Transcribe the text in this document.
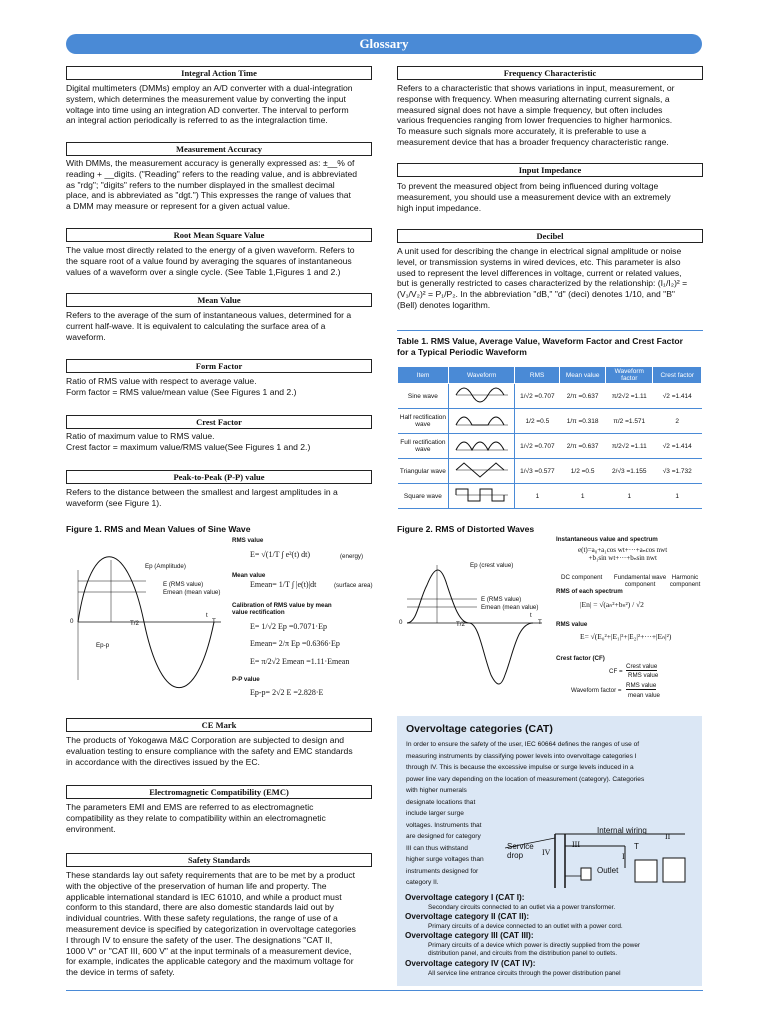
Glossary
Integral Action Time
Digital multimeters (DMMs) employ an A/D converter with a dual-integration
system, which determines the measurement value by converting the input
voltage into time using an integration AD converter. The interval to perform
an integral action periodically is referred to as the integralaction time.
Measurement Accuracy
With DMMs, the measurement accuracy is generally expressed as: ±__% of
reading + __digits. ("Reading" refers to the reading value, and is abbreviated
as "rdg"; "digits" refers to the number displayed in the smallest decimal
place, and is abbreviated as "dgt.") This expresses the range of values that
a DMM may measure or represent for a given actual value.
Root Mean Square Value
The value most directly related to the energy of a given waveform. Refers to
the square root of a value found by averaging the squares of instantaneous
values of a waveform over a single cycle. (See Table 1,Figures 1 and 2.)
Mean Value
Refers to the average of the sum of instantaneous values, determined for a
current half-wave. It is equivalent to calculating the surface area of a
waveform.
Form Factor
Ratio of RMS value with respect to average value.
Form factor = RMS value/mean value (See Figures 1 and 2.)
Crest Factor
Ratio of maximum value to RMS value.
Crest factor = maximum value/RMS value(See Figures 1 and 2.)
Peak-to-Peak (P-P) value
Refers to the distance between the smallest and largest amplitudes in a
waveform (see Figure 1).
Frequency Characteristic
Refers to a characteristic that shows variations in input, measurement, or
response with frequency. When measuring alternating current signals, a
measured signal does not have a simple frequency, but often includes
various frequencies ranging from lower frequencies to higher harmonics.
To measure such signals more accurately, it is preferable to use a
measurement device that has a broader frequency characteristic range.
Input Impedance
To prevent the measured object from being influenced during voltage
measurement, you should use a measurement device with an extremely
high input impedance.
Decibel
A unit used for describing the change in electrical signal amplitude or noise
level, or transmission systems in wired devices, etc. This parameter is also
used to represent the level differences in voltage, current or related values,
but is generally restricted to cases characterized by the relationship: (I₁/I₂)² =
(V₁/V₂)² = P₁/P₂. In the abbreviation "dB," "d" (deci) denotes 1/10, and "B"
(Bell) denotes logarithm.
Table 1. RMS Value, Average Value, Waveform Factor and Crest Factor
for a Typical Periodic Waveform
Item	Waveform	RMS	Mean value	Waveform factor	Crest factor
Sine wave		1/√2 =0.707	2/π =0.637	π/2√2 =1.11	√2 =1.414
Half rectification wave		1/2 =0.5	1/π =0.318	π/2 =1.571	2
Full rectification wave		1/√2 =0.707	2/π =0.637	π/2√2 =1.11	√2 =1.414
Triangular wave		1/√3 =0.577	1/2 =0.5	2/√3 =1.155	√3 =1.732
Square wave		1	1	1	1
Figure 1. RMS and Mean Values of Sine Wave
Ep (Amplitude)
E (RMS value)
Emean (mean value)
0	T/2
t
T
Ep-p
RMS value
E= √(1/T ∫ e²(t) dt)	(energy)
Mean value
Emean= 1/T ∫ |e(t)|dt	(surface area)
Calibration of RMS value by mean value rectification
E= 1/√2 Ep =0.7071·Ep
Emean= 2/π Ep =0.6366·Ep
E= π/2√2 Emean =1.11·Emean
P-P value
Ep-p= 2√2 E =2.828·E
Figure 2. RMS of Distorted Waves
Ep (crest value)
E (RMS value)
Emean (mean value)
0	T/2
t
T
Instantaneous value and spectrum
e(t)=a₀+a₁cos wt+···+aₙcos nwt
+b₁sin wt+···+bₙsin nwt
DC component	Fundamental wave component
Harmonic component
RMS of each spectrum
|En| = √(aₙ²+bₙ²) / √2
RMS value
E= √(E₀²+|E₁|²+|E₂|²+···+|Eₙ|²)
Crest factor (CF)
CF =
Crest value
RMS value
Waveform factor =
RMS value
mean value
CE Mark
The products of Yokogawa M&C Corporation are subjected to design and
evaluation testing to ensure compliance with the safety and EMC standards
in accordance with the directives issued by the EC.
Electromagnetic Compatibility (EMC)
The parameters EMI and EMS are referred to as electromagnetic
compatibility as they relate to compatibility within an electromagnetic
environment.
Safety Standards
These standards lay out safety requirements that are to be met by a product
with the objective of the preservation of human life and property. The
applicable international standard is IEC 61010, and while a product must
conform to this standard, there are also domestic standards laid out by
individual countries. With these safety regulations, the range of use of a
measurement device is specified by categorization in overvoltage categories
I through IV to ensure the safety of the user. The designations "CAT II,
1000 V" or "CAT III, 600 V" at the input terminals of a measurement device,
for example, indicates the applicable category and the maximum voltage for
the device in terms of safety.
Overvoltage categories (CAT)
In order to ensure the safety of the user, IEC 60664 defines the ranges of use of
measuring instruments by classifying power levels into overvoltage categories I
through IV. This is because the excessive impulse or surge levels induced in a
power line vary depending on the location of measurement (category). Categories
with higher numerals
designate locations that
include larger surge
voltages. Instruments that
are designed for category
III can thus withstand
higher surge voltages than
instruments designed for
category II.
Internal wiring
Service
drop
Outlet
T
I
II
III
IV
Overvoltage category I (CAT I):
Secondary circuits connected to an outlet via a power transformer.
Overvoltage category II (CAT II):
Primary circuits of a device connected to an outlet with a power cord.
Overvoltage category III (CAT III):
Primary circuits of a device which power is directly supplied from the power
distribution panel, and circuits from the distribution panel to outlets.
Overvoltage category IV (CAT IV):
All service line entrance circuits through the power distribution panel
